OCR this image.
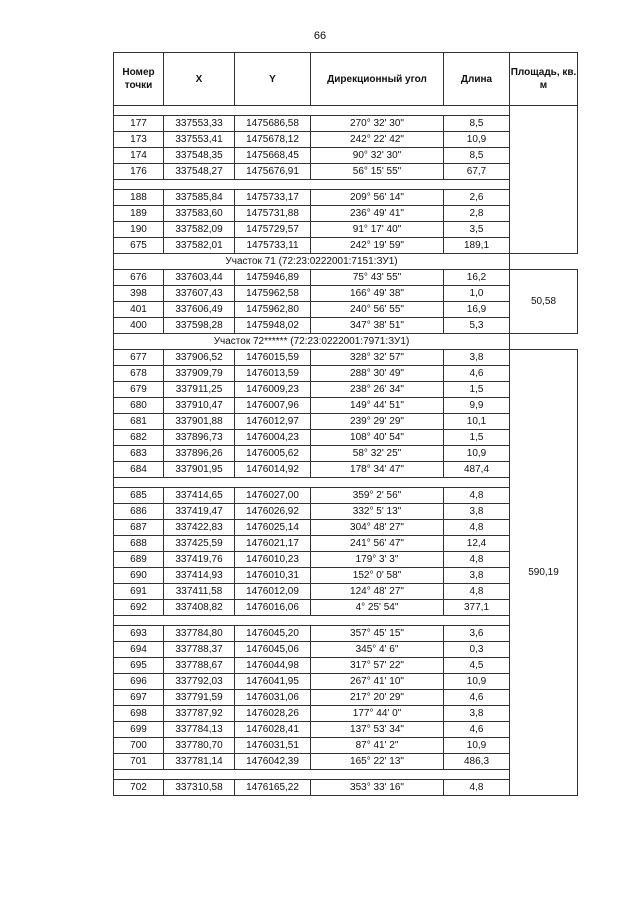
66
Номер точки	X	Y	Дирекционный угол	Длина	Площадь, кв. м

177	337553,33	1475686,58	270° 32' 30"	8,5	
173	337553,41	1475678,12	242° 22' 42"	10,9	
174	337548,35	1475668,45	90° 32' 30"	8,5	
176	337548,27	1475676,91	56° 15' 55"	67,7	

188	337585,84	1475733,17	209° 56' 14"	2,6	
189	337583,60	1475731,88	236° 49' 41"	2,8	
190	337582,09	1475729,57	91° 17' 40"	3,5	
675	337582,01	1475733,11	242° 19' 59"	189,1	
Участок 71 (72:23:0222001:7151:ЗУ1)					
676	337603,44	1475946,89	75° 43' 55"	16,2	50,58
398	337607,43	1475962,58	166° 49' 38"	1,0	
401	337606,49	1475962,80	240° 56' 55"	16,9	
400	337598,28	1475948,02	347° 38' 51"	5,3	
Участок 72****** (72:23:0222001:7971:ЗУ1)					
677	337906,52	1476015,59	328° 32' 57"	3,8	590,19
678	337909,79	1476013,59	288° 30' 49"	4,6	
679	337911,25	1476009,23	238° 26' 34"	1,5	
680	337910,47	1476007,96	149° 44' 51"	9,9	
681	337901,88	1476012,97	239° 29' 29"	10,1	
682	337896,73	1476004,23	108° 40' 54"	1,5	
683	337896,26	1476005,62	58° 32' 25"	10,9	
684	337901,95	1476014,92	178° 34' 47"	487,4	

685	337414,65	1476027,00	359° 2' 56"	4,8	
686	337419,47	1476026,92	332° 5' 13"	3,8	
687	337422,83	1476025,14	304° 48' 27"	4,8	
688	337425,59	1476021,17	241° 56' 47"	12,4	
689	337419,76	1476010,23	179° 3' 3"	4,8	
690	337414,93	1476010,31	152° 0' 58"	3,8	
691	337411,58	1476012,09	124° 48' 27"	4,8	
692	337408,82	1476016,06	4° 25' 54"	377,1	

693	337784,80	1476045,20	357° 45' 15"	3,6	
694	337788,37	1476045,06	345° 4' 6"	0,3	
695	337788,67	1476044,98	317° 57' 22"	4,5	
696	337792,03	1476041,95	267° 41' 10"	10,9	
697	337791,59	1476031,06	217° 20' 29"	4,6	
698	337787,92	1476028,26	177° 44' 0"	3,8	
699	337784,13	1476028,41	137° 53' 34"	4,6	
700	337780,70	1476031,51	87° 41' 2"	10,9	
701	337781,14	1476042,39	165° 22' 13"	486,3	

702	337310,58	1476165,22	353° 33' 16"	4,8	
